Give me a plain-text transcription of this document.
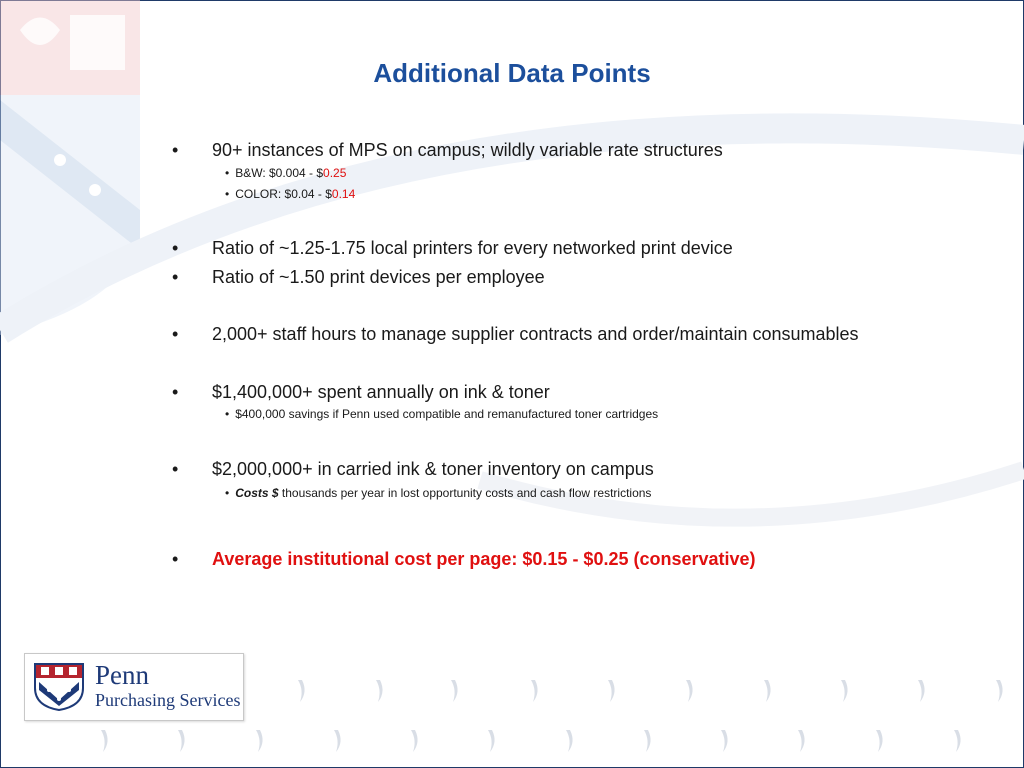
Additional Data Points
• 90+ instances of MPS on campus; wildly variable rate structures
• B&W: $0.004 - $0.25
• COLOR: $0.04 - $0.14
• Ratio of ~1.25-1.75 local printers for every networked print device
• Ratio of ~1.50 print devices per employee
• 2,000+ staff hours to manage supplier contracts and order/maintain consumables
• $1,400,000+ spent annually on ink & toner
• $400,000 savings if Penn used compatible and remanufactured toner cartridges
• $2,000,000+ in carried ink & toner inventory on campus
• Costs $ thousands per year in lost opportunity costs and cash flow restrictions
• Average institutional cost per page: $0.15 - $0.25 (conservative)
Penn
Purchasing Services
